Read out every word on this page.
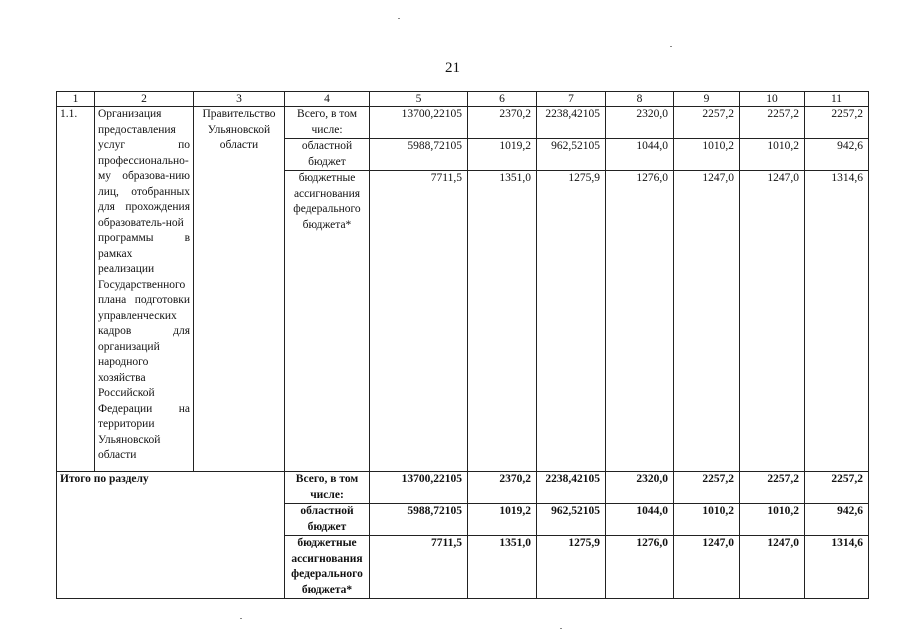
21
1	2	3	4	5	6	7	8	9	10	11
1.1.	Организация предоставления услуг по профессионально-му образова-нию лиц, отобранных для прохождения образователь-ной программы в рамках реализации Государственного плана подготовки управленческих кадров для организаций народного хозяйства Российской Федерации на территории Ульяновской области	Правительство Ульяновской области	Всего, в том числе:	13700,22105	2370,2	2238,42105	2320,0	2257,2	2257,2	2257,2
			областной бюджет	5988,72105	1019,2	962,52105	1044,0	1010,2	1010,2	942,6
			бюджетные ассигнования федерального бюджета*	7711,5	1351,0	1275,9	1276,0	1247,0	1247,0	1314,6
Итого по разделу			Всего, в том числе:	13700,22105	2370,2	2238,42105	2320,0	2257,2	2257,2	2257,2
			областной бюджет	5988,72105	1019,2	962,52105	1044,0	1010,2	1010,2	942,6
			бюджетные ассигнования федерального бюджета*	7711,5	1351,0	1275,9	1276,0	1247,0	1247,0	1314,6
